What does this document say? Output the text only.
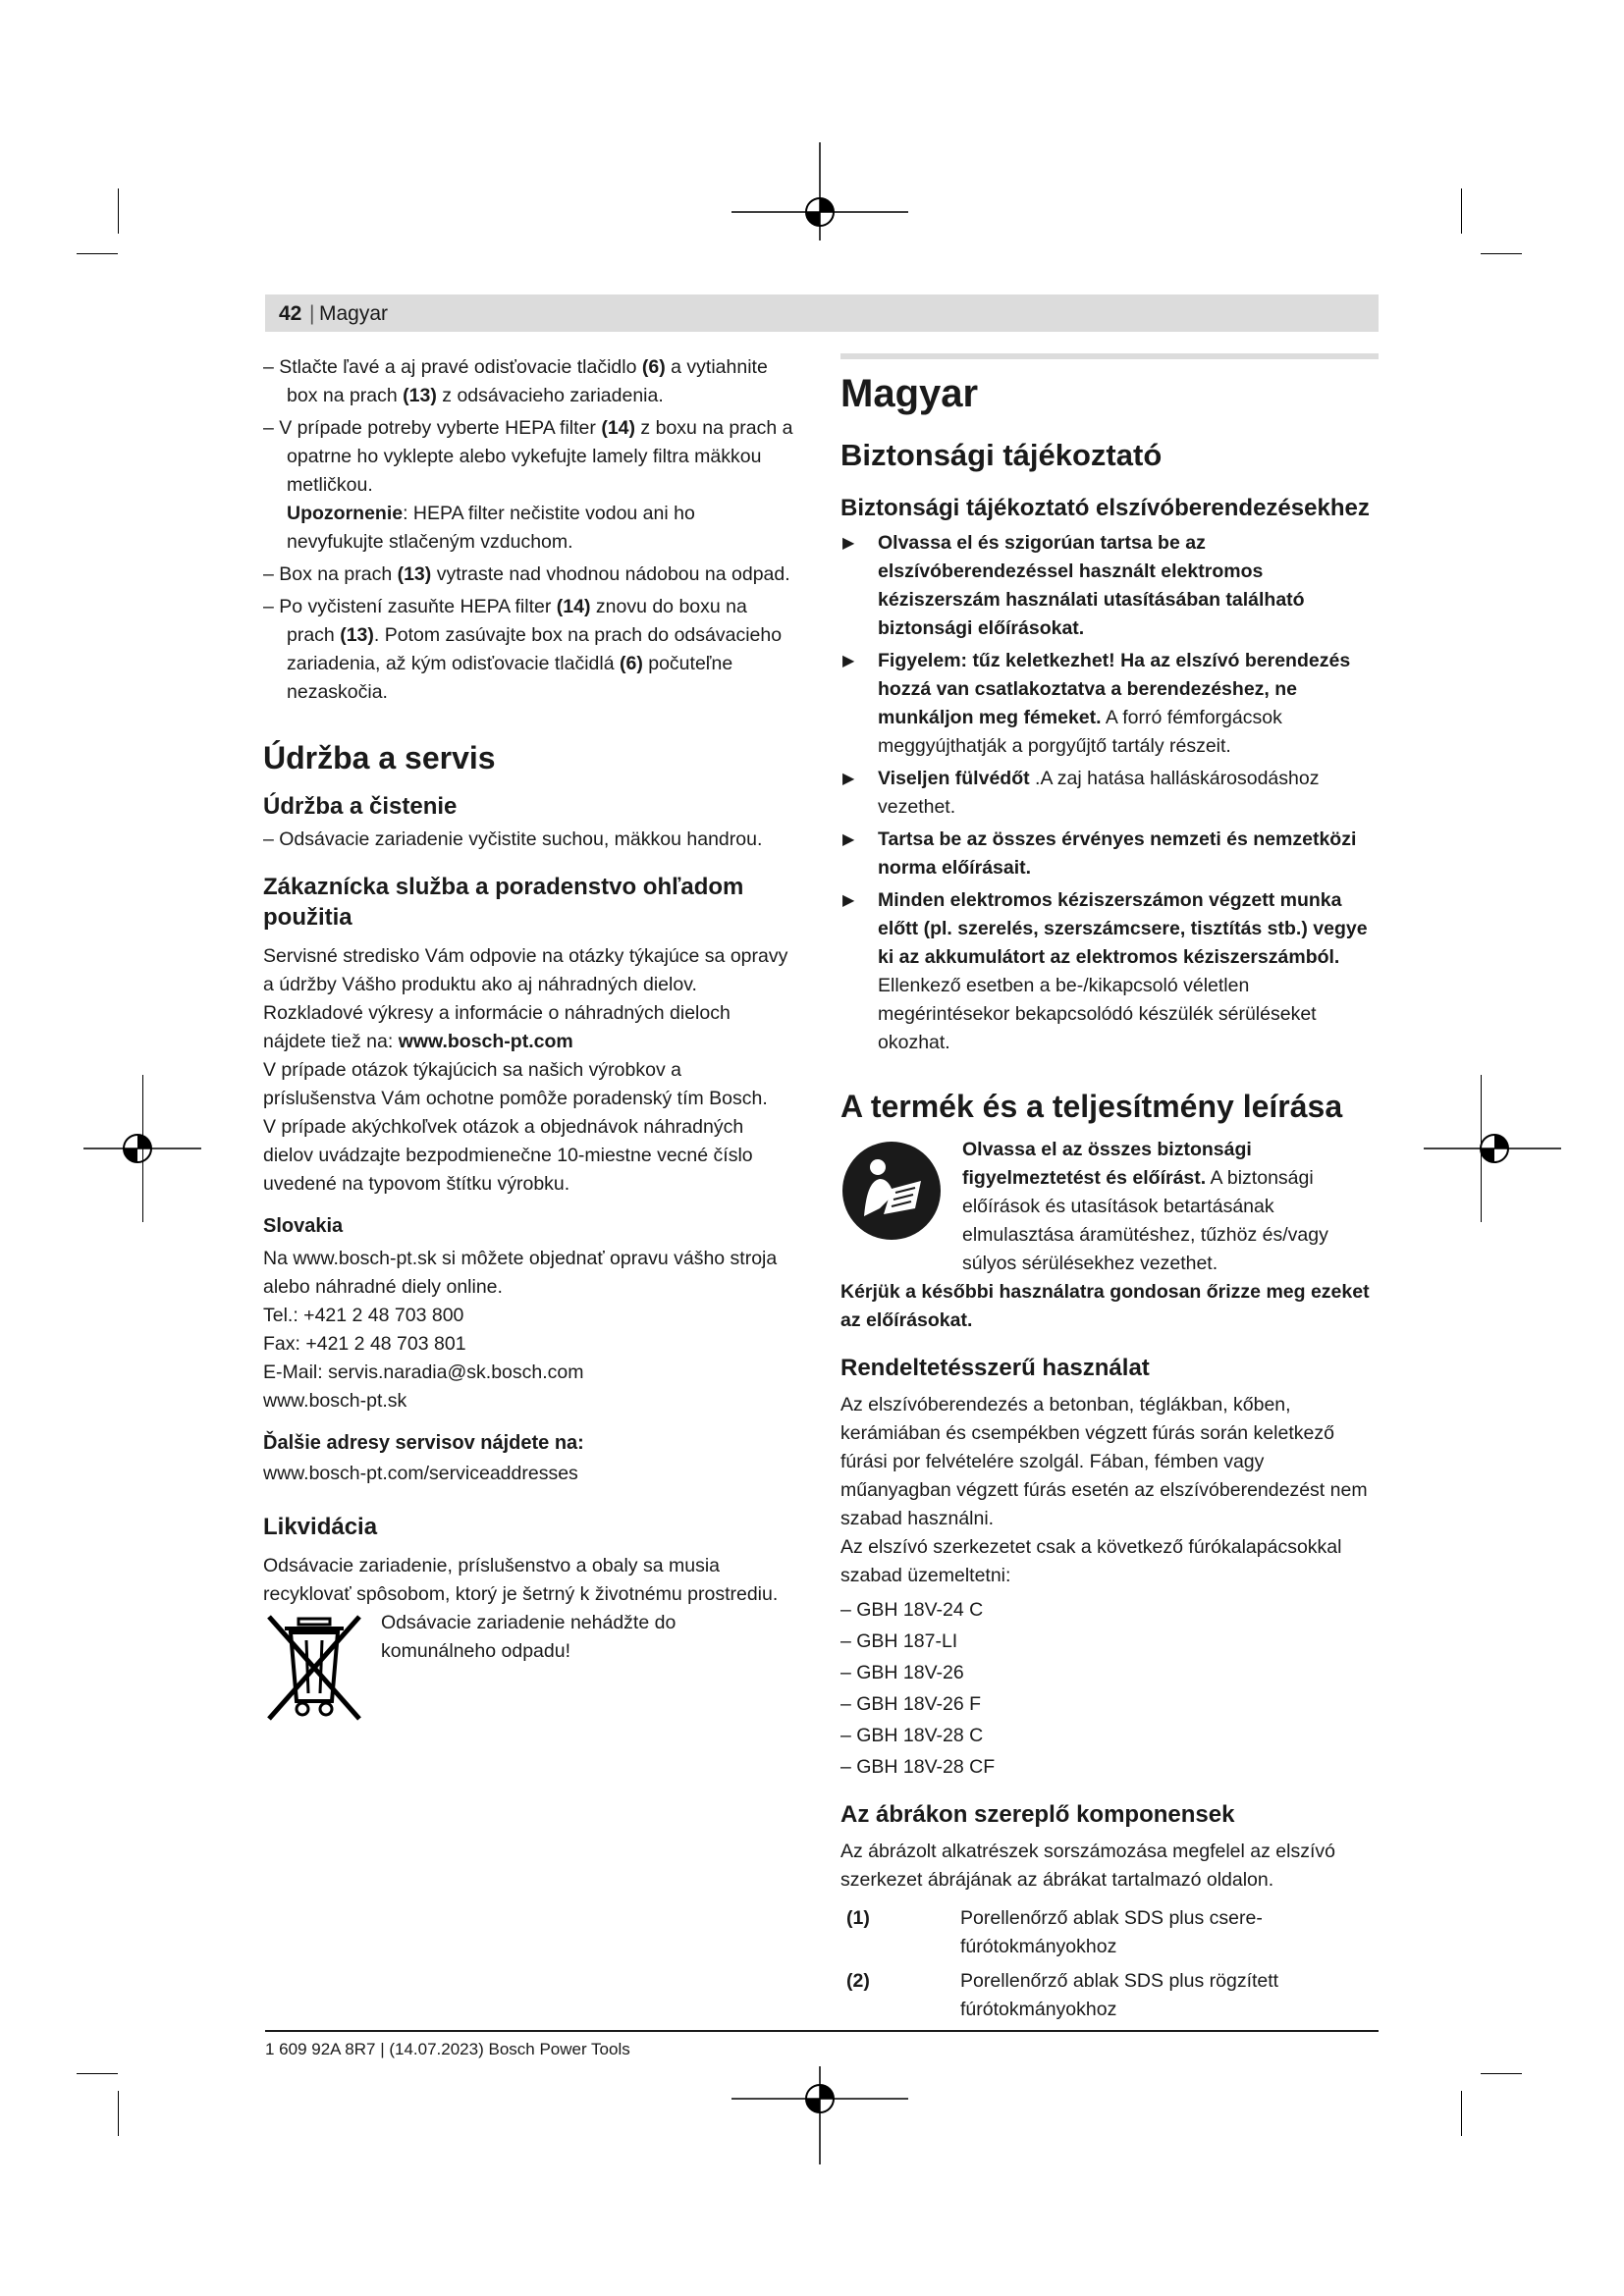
42 | Magyar

– Stlačte ľavé a aj pravé odisťovacie tlačidlo (6) a vytiahnite box na prach (13) z odsávacieho zariadenia.

– V prípade potreby vyberte HEPA filter (14) z boxu na prach a opatrne ho vyklepte alebo vykefujte lamely filtra mäkkou metličkou.

Upozornenie: HEPA filter nečistite vodou ani ho nevyfukujte stlačeným vzduchom.

– Box na prach (13) vytraste nad vhodnou nádobou na odpad.

– Po vyčistení zasuňte HEPA filter (14) znovu do boxu na prach (13). Potom zasúvajte box na prach do odsávacieho zariadenia, až kým odisťovacie tlačidlá (6) počuteľne nezaskočia.

Údržba a servis
Údržba a čistenie

– Odsávacie zariadenie vyčistite suchou, mäkkou handrou.

Zákaznícka služba a poradenstvo ohľadom použitia

Servisné stredisko Vám odpovie na otázky týkajúce sa opravy a údržby Vášho produktu ako aj náhradných dielov. Rozkladové výkresy a informácie o náhradných dieloch nájdete tiež na: www.bosch-pt.com

V prípade otázok týkajúcich sa našich výrobkov a príslušenstva Vám ochotne pomôže poradenský tím Bosch.

V prípade akýchkoľvek otázok a objednávok náhradných dielov uvádzajte bezpodmienečne 10-miestne vecné číslo uvedené na typovom štítku výrobku.

Slovakia

Na www.bosch-pt.sk si môžete objednať opravu vášho stroja alebo náhradné diely online.

Tel.: +421 2 48 703 800

Fax: +421 2 48 703 801

E-Mail: servis.naradia@sk.bosch.com

www.bosch-pt.sk

Ďalšie adresy servisov nájdete na:

www.bosch-pt.com/serviceaddresses

Likvidácia

Odsávacie zariadenie, príslušenstvo a obaly sa musia recyklovať spôsobom, ktorý je šetrný k životnému prostrediu.

Odsávacie zariadenie nehádžte do komunálneho odpadu!

Magyar
Biztonsági tájékoztató
Biztonsági tájékoztató elszívóberendezésekhez

▶ Olvassa el és szigorúan tartsa be az elszívóberendezéssel használt elektromos kéziszerszám használati utasításában található biztonsági előírásokat.

▶ Figyelem: tűz keletkezhet! Ha az elszívó berendezés hozzá van csatlakoztatva a berendezéshez, ne munkáljon meg fémeket. A forró fémforgácsok meggyújthatják a porgyűjtő tartály részeit.

▶ Viseljen fülvédőt .A zaj hatása halláskárosodáshoz vezethet.

▶ Tartsa be az összes érvényes nemzeti és nemzetközi norma előírásait.

▶ Minden elektromos kéziszerszámon végzett munka előtt (pl. szerelés, szerszámcsere, tisztítás stb.) vegye ki az akkumulátort az elektromos kéziszerszámból. Ellenkező esetben a be-/kikapcsoló véletlen megérintésekor bekapcsolódó készülék sérüléseket okozhat.

A termék és a teljesítmény leírása

Olvassa el az összes biztonsági figyelmeztetést és előírást. A biztonsági előírások és utasítások betartásának elmulasztása áramütéshez, tűzhöz és/vagy súlyos sérülésekhez vezethet.

Kérjük a későbbi használatra gondosan őrizze meg ezeket az előírásokat.

Rendeltetésszerű használat

Az elszívóberendezés a betonban, téglákban, kőben, kerámiában és csempékben végzett fúrás során keletkező fúrási por felvételére szolgál. Fában, fémben vagy műanyagban végzett fúrás esetén az elszívóberendezést nem szabad használni.

Az elszívó szerkezetet csak a következő fúrókalapácsokkal szabad üzemeltetni:

– GBH 18V-24 C

– GBH 187-LI

– GBH 18V-26

– GBH 18V-26 F

– GBH 18V-28 C

– GBH 18V-28 CF

Az ábrákon szereplő komponensek

Az ábrázolt alkatrészek sorszámozása megfelel az elszívó szerkezet ábrájának az ábrákat tartalmazó oldalon.

(1)	Porellenőrző ablak SDS plus csere-fúrótokmányokhoz
(2)	Porellenőrző ablak SDS plus rögzített fúrótokmányokhoz
1 609 92A 8R7 | (14.07.2023) Bosch Power Tools
